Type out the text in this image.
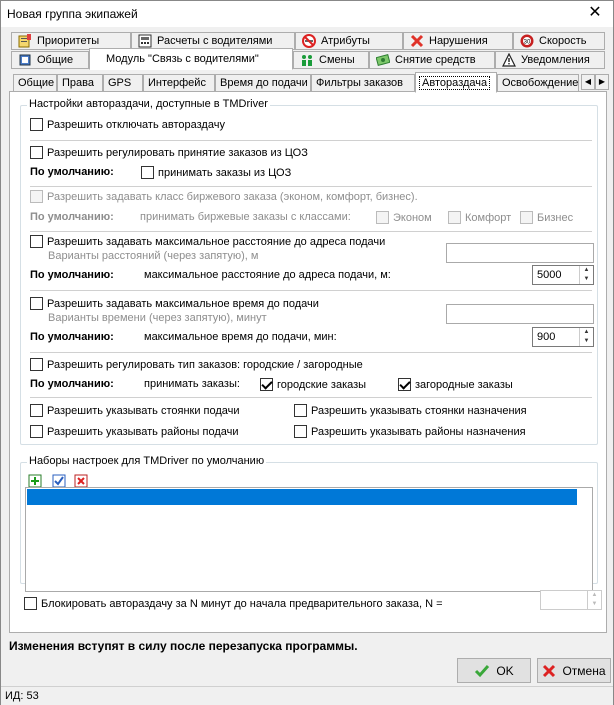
Новая группа экипажей	✕
Приоритеты	Расчеты с водителями	Атрибуты	Нарушения	30 Скорость
Общие	Модуль "Связь с водителями"	Смены	Снятие средств	Уведомления
Общие Права	GPS	Интерфейс	Время до подачи Фильтры заказов	Авторaздача	Освобождение ◀ ▶
Настройки автораздачи, доступные в TMDriver
Разрешить отключать автораздачу
Разрешить регулировать принятие заказов из ЦОЗ
По умолчанию:	принимать заказы из ЦОЗ
Разрешить задавать класс биржевого заказа (эконом, комфорт, бизнес).
По умолчанию: принимать биржевые заказы с классами:	Эконом	Комфорт Бизнес
Разрешить задавать максимальное расстояние до адреса подачи
Варианты расстояний (через запятую), м
По умолчанию:	максимальное расстояние до адреса подачи, м:	5000	▲
▼
Разрешить задавать максимальное время до подачи
Варианты времени (через запятую), минут
По умолчанию:	максимальное время до подачи, мин:	900	▲
▼
Разрешить регулировать тип заказов: городские / загородные
По умолчанию:	принимать заказы:	городские заказы	загородные заказы
Разрешить указывать стоянки подачи	Разрешить указывать стоянки назначения
Разрешить указывать районы подачи	Разрешить указывать районы назначения
Наборы настроек для TMDriver по умолчанию
Блокировать автораздачу за N минут до начала предварительного заказа, N =
▲
▼
Изменения вступят в силу после перезапуска программы.
OK	Отмена
ИД: 53
